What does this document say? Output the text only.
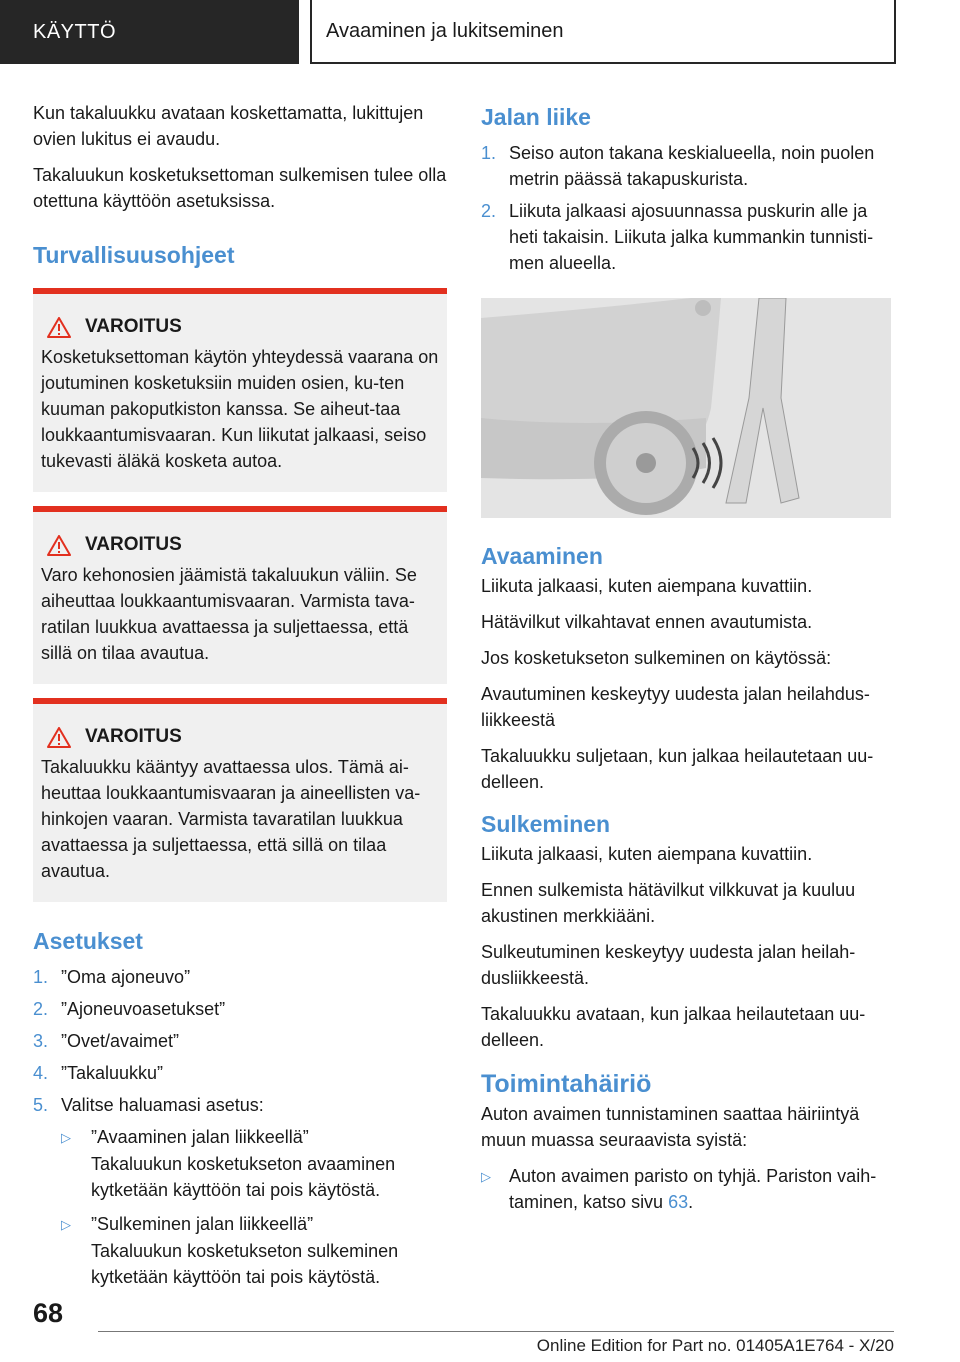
KÄYTTÖ	Avaaminen ja lukitseminen

Kun takaluukku avataan koskettamatta, lukittujen ovien lukitus ei avaudu.

Takaluukun kosketuksettoman sulkemisen tulee olla otettuna käyttöön asetuksissa.

Turvallisuusohjeet
VAROITUS

Kosketuksettoman käytön yhteydessä vaarana on joutuminen kosketuksiin muiden osien, ku-ten kuuman pakoputkiston kanssa. Se aiheut-taa loukkaantumisvaaran. Kun liikutat jalkaasi, seiso tukevasti äläkä kosketa autoa.

VAROITUS

Varo kehonosien jäämistä takaluukun väliin. Se aiheuttaa loukkaantumisvaaran. Varmista tava-ratilan luukkua avattaessa ja suljettaessa, että sillä on tilaa avautua.

VAROITUS

Takaluukku kääntyy avattaessa ulos. Tämä ai-heuttaa loukkaantumisvaaran ja aineellisten va-hinkojen vaaran. Varmista tavaratilan luukkua avattaessa ja suljettaessa, että sillä on tilaa avautua.

Asetukset
1. ”Oma ajoneuvo”
2. ”Ajoneuvoasetukset”
3. ”Ovet/avaimet”
4. ”Takaluukku”
5. Valitse haluamasi asetus:
▷	”Avaaminen jalan liikkeellä”
Takaluukun kosketukseton avaaminen kytketään käyttöön tai pois käytöstä.
▷	”Sulkeminen jalan liikkeellä”
Takaluukun kosketukseton sulkeminen kytketään käyttöön tai pois käytöstä.
Jalan liike
1. Seiso auton takana keskialueella, noin puolen metrin päässä takapuskurista.
2. Liikuta jalkaasi ajosuunnassa puskurin alle ja heti takaisin. Liikuta jalka kummankin tunnisti-men alueella.
Avaaminen

Liikuta jalkaasi, kuten aiempana kuvattiin.

Hätävilkut vilkahtavat ennen avautumista.

Jos kosketukseton sulkeminen on käytössä:

Avautuminen keskeytyy uudesta jalan heilahdus-liikkeestä

Takaluukku suljetaan, kun jalkaa heilautetaan uu-delleen.

Sulkeminen

Liikuta jalkaasi, kuten aiempana kuvattiin.

Ennen sulkemista hätävilkut vilkkuvat ja kuuluu akustinen merkkiääni.

Sulkeutuminen keskeytyy uudesta jalan heilah-dusliikkeestä.

Takaluukku avataan, kun jalkaa heilautetaan uu-delleen.

Toimintahäiriö

Auton avaimen tunnistaminen saattaa häiriintyä muun muassa seuraavista syistä:

▷	Auton avaimen paristo on tyhjä. Pariston vaih-taminen, katso sivu 63.
68
Online Edition for Part no. 01405A1E764 - X/20
